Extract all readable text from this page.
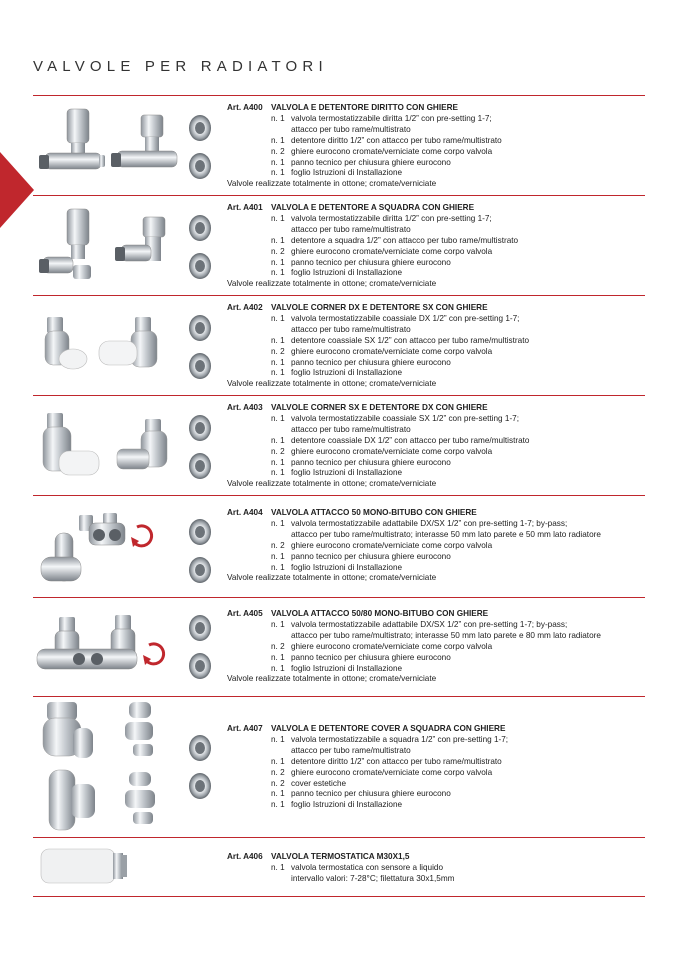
VALVOLE PER RADIATORI
Art. A400	VALVOLA E DETENTORE DIRITTO CON GHIERE
n. 1 valvola termostatizzabile diritta 1/2” con pre-setting 1-7;
attacco per tubo rame/multistrato
n. 1 detentore diritto 1/2” con attacco per tubo rame/multistrato
n. 2 ghiere eurocono cromate/verniciate come corpo valvola
n. 1 panno tecnico per chiusura ghiere eurocono
n. 1 foglio Istruzioni di Installazione
Valvole realizzate totalmente in ottone; cromate/verniciate
Art. A401	VALVOLA E DETENTORE A SQUADRA CON GHIERE
n. 1 valvola termostatizzabile diritta 1/2” con pre-setting 1-7;
attacco per tubo rame/multistrato
n. 1 detentore a squadra 1/2” con attacco per tubo rame/multistrato
n. 2 ghiere eurocono cromate/verniciate come corpo valvola
n. 1 panno tecnico per chiusura ghiere eurocono
n. 1 foglio Istruzioni di Installazione
Valvole realizzate totalmente in ottone; cromate/verniciate
Art. A402	VALVOLE CORNER DX E DETENTORE SX CON GHIERE
n. 1 valvola termostatizzabile coassiale DX 1/2” con pre-setting 1-7;
attacco per tubo rame/multistrato
n. 1 detentore coassiale SX 1/2” con attacco per tubo rame/multistrato
n. 2 ghiere eurocono cromate/verniciate come corpo valvola
n. 1 panno tecnico per chiusura ghiere eurocono
n. 1 foglio Istruzioni di Installazione
Valvole realizzate totalmente in ottone; cromate/verniciate
Art. A403	VALVOLE CORNER SX E DETENTORE DX CON GHIERE
n. 1 valvola termostatizzabile coassiale SX 1/2” con pre-setting 1-7;
attacco per tubo rame/multistrato
n. 1 detentore coassiale DX 1/2” con attacco per tubo rame/multistrato
n. 2 ghiere eurocono cromate/verniciate come corpo valvola
n. 1 panno tecnico per chiusura ghiere eurocono
n. 1 foglio Istruzioni di Installazione
Valvole realizzate totalmente in ottone; cromate/verniciate
Art. A404	VALVOLA ATTACCO 50 MONO-BITUBO CON GHIERE
n. 1 valvola termostatizzabile adattabile DX/SX 1/2” con pre-setting 1-7; by-pass;
attacco per tubo rame/multistrato; interasse 50 mm lato parete e 50 mm lato radiatore
n. 2 ghiere eurocono cromate/verniciate come corpo valvola
n. 1 panno tecnico per chiusura ghiere eurocono
n. 1 foglio Istruzioni di Installazione
Valvole realizzate totalmente in ottone; cromate/verniciate
Art. A405	VALVOLA ATTACCO 50/80 MONO-BITUBO CON GHIERE
n. 1 valvola termostatizzabile adattabile DX/SX 1/2” con pre-setting 1-7; by-pass;
attacco per tubo rame/multistrato; interasse 50 mm lato parete e 80 mm lato radiatore
n. 2 ghiere eurocono cromate/verniciate come corpo valvola
n. 1 panno tecnico per chiusura ghiere eurocono
n. 1 foglio Istruzioni di Installazione
Valvole realizzate totalmente in ottone; cromate/verniciate
Art. A407	VALVOLA E DETENTORE COVER A SQUADRA CON GHIERE
n. 1 valvola termostatizzabile a squadra 1/2” con pre-setting 1-7;
attacco per tubo rame/multistrato
n. 1 detentore diritto 1/2” con attacco per tubo rame/multistrato
n. 2 ghiere eurocono cromate/verniciate come corpo valvola
n. 2 cover estetiche
n. 1 panno tecnico per chiusura ghiere eurocono
n. 1 foglio Istruzioni di Installazione
Art. A406	VALVOLA TERMOSTATICA M30X1,5
n. 1 valvola termostatica con sensore a liquido
intervallo valori: 7-28°C; filettatura 30x1,5mm
